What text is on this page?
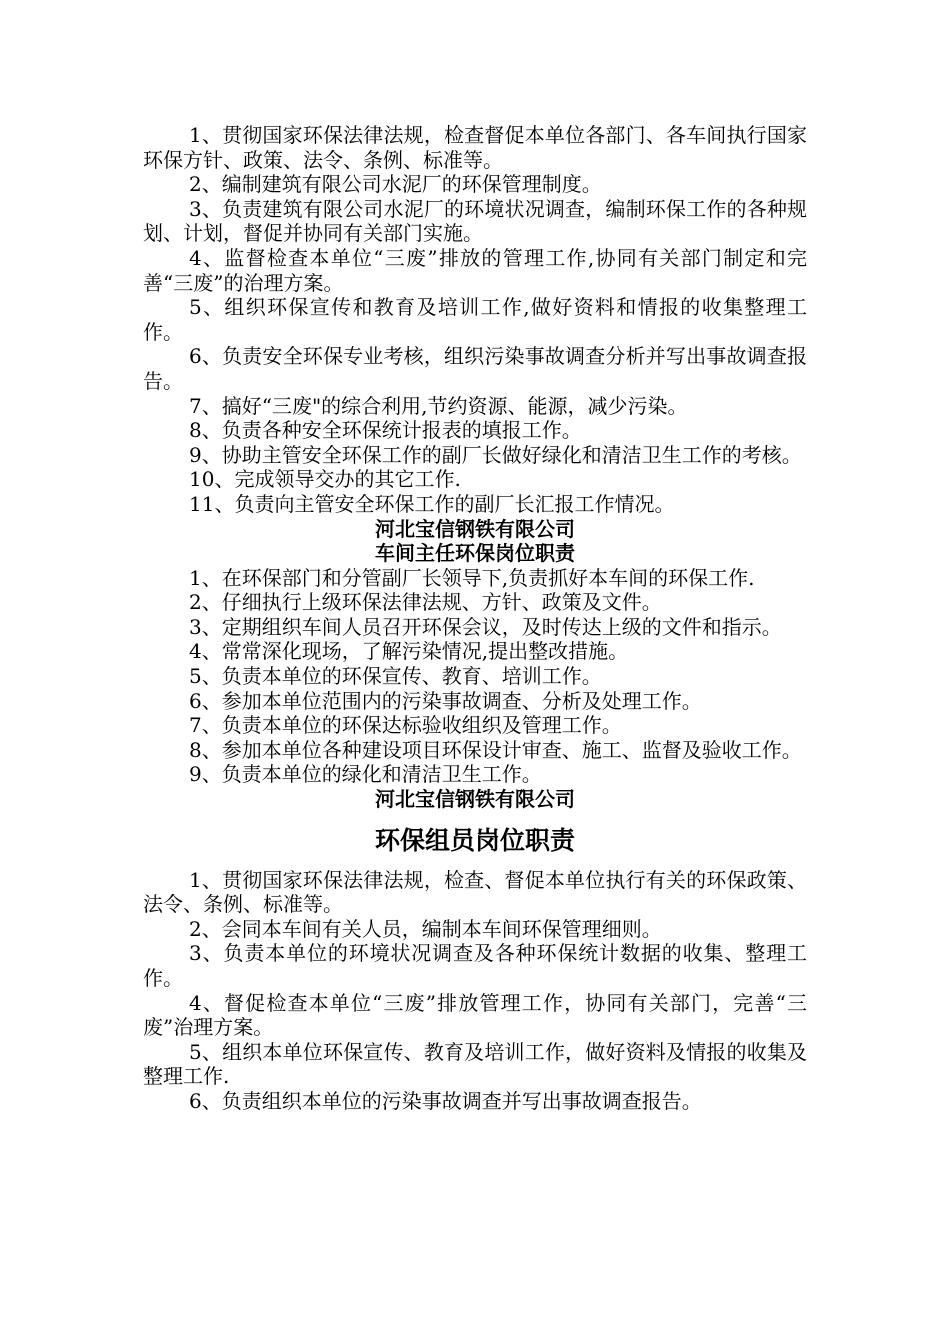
1、贯彻国家环保法律法规，检查督促本单位各部门、各车间执行国家环保方针、政策、法令、条例、标准等。

2、编制建筑有限公司水泥厂的环保管理制度。

3、负责建筑有限公司水泥厂的环境状况调查，编制环保工作的各种规划、计划，督促并协同有关部门实施。

4、监督检查本单位“三废”排放的管理工作,协同有关部门制定和完善“三废”的治理方案。

5、组织环保宣传和教育及培训工作,做好资料和情报的收集整理工作。

6、负责安全环保专业考核，组织污染事故调查分析并写出事故调查报告。

7、搞好“三废"的综合利用,节约资源、能源，减少污染。

8、负责各种安全环保统计报表的填报工作。

9、协助主管安全环保工作的副厂长做好绿化和清洁卫生工作的考核。

10、完成领导交办的其它工作.

11、负责向主管安全环保工作的副厂长汇报工作情况。

河北宝信钢铁有限公司

车间主任环保岗位职责

1、在环保部门和分管副厂长领导下,负责抓好本车间的环保工作.

2、仔细执行上级环保法律法规、方针、政策及文件。

3、定期组织车间人员召开环保会议，及时传达上级的文件和指示。

4、常常深化现场，了解污染情况,提出整改措施。

5、负责本单位的环保宣传、教育、培训工作。

6、参加本单位范围内的污染事故调查、分析及处理工作。

7、负责本单位的环保达标验收组织及管理工作。

8、参加本单位各种建设项目环保设计审查、施工、监督及验收工作。

9、负责本单位的绿化和清洁卫生工作。

河北宝信钢铁有限公司

环保组员岗位职责

1、贯彻国家环保法律法规，检查、督促本单位执行有关的环保政策、法令、条例、标准等。

2、会同本车间有关人员，编制本车间环保管理细则。

3、负责本单位的环境状况调查及各种环保统计数据的收集、整理工作。

4、督促检查本单位“三废”排放管理工作，协同有关部门，完善“三废”治理方案。

5、组织本单位环保宣传、教育及培训工作，做好资料及情报的收集及整理工作.

6、负责组织本单位的污染事故调查并写出事故调查报告。
